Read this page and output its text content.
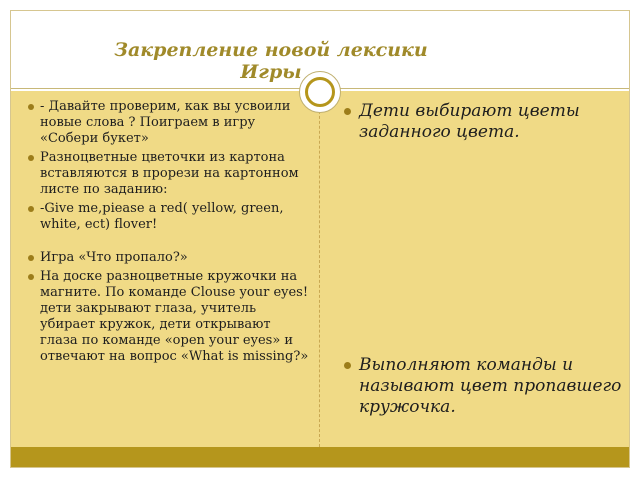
Закрепление новой лексики
Игры
- Давайте проверим, как вы усвоили новые слова ? Поиграем в игру «Собери букет»
Разноцветные цветочки из картона вставляются в прорези на картонном листе по заданию:
-Give me,pieasе a red( yellow, green, white, ect) flover!
Игра «Что пропало?»
На доске разноцветные кружочки на магните. По команде Clouse your eyes! дети закрывают глаза, учитель убирает кружок, дети открывают глаза по команде «open your eyes» и отвечают на вопрос «What is missing?»
Дети выбирают цветы заданного цвета.
Выполняют команды и называют цвет пропавшего кружочка.
